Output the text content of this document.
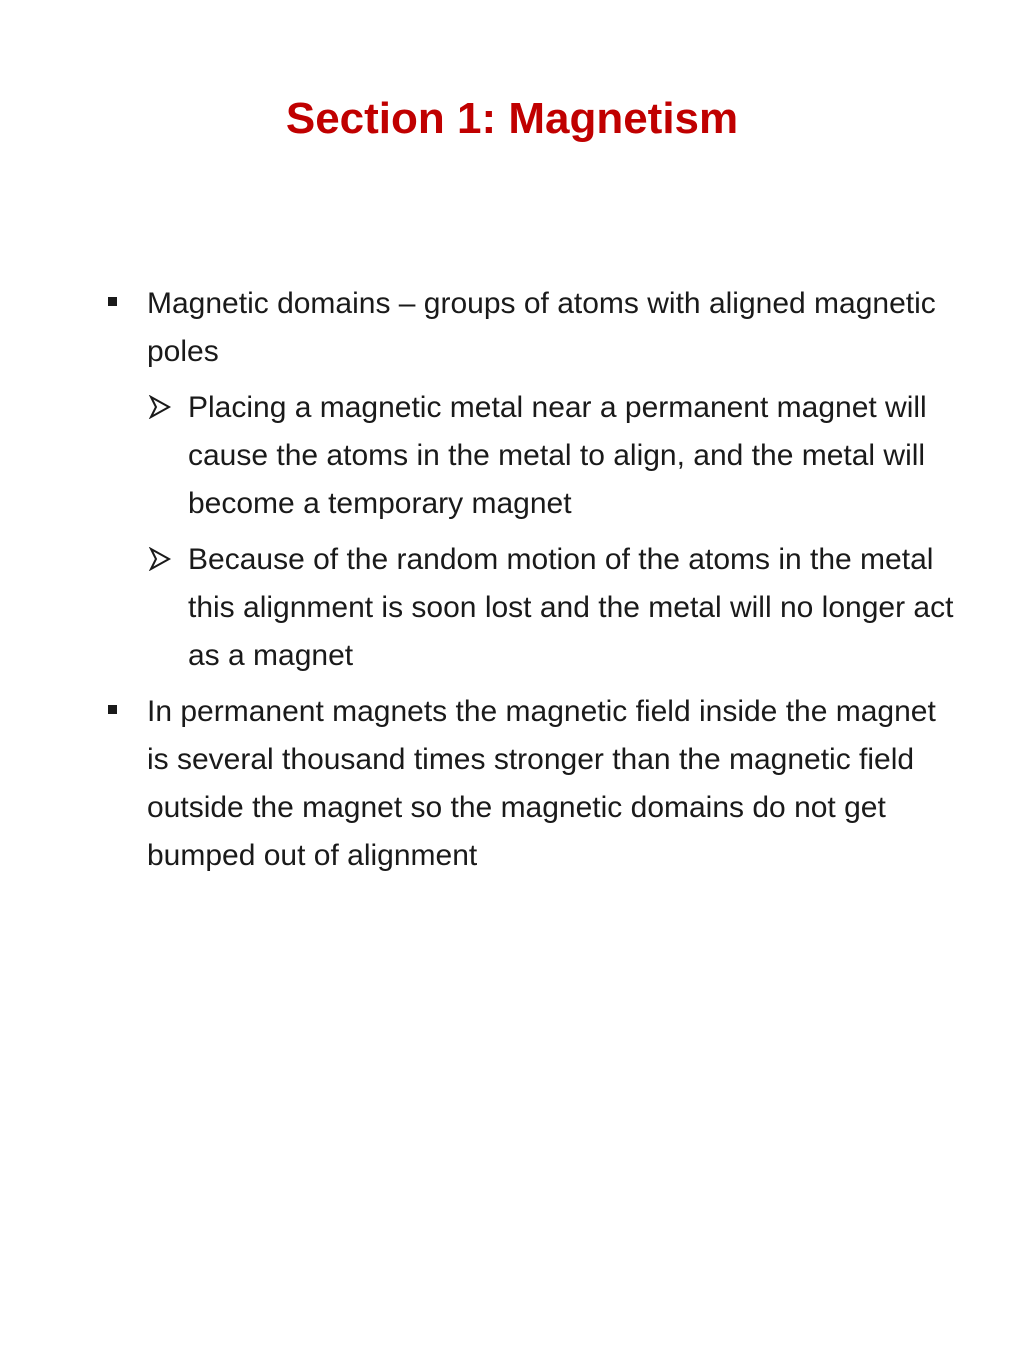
Section 1: Magnetism
Magnetic domains – groups of atoms with aligned magnetic poles
Placing a magnetic metal near a permanent magnet will cause the atoms in the metal to align, and the metal will become a temporary magnet
Because of the random motion of the atoms in the metal this alignment is soon lost and the metal will no longer act as a magnet
In permanent magnets the magnetic field inside the magnet is several thousand times stronger than the magnetic field outside the magnet so the magnetic domains do not get bumped out of alignment
